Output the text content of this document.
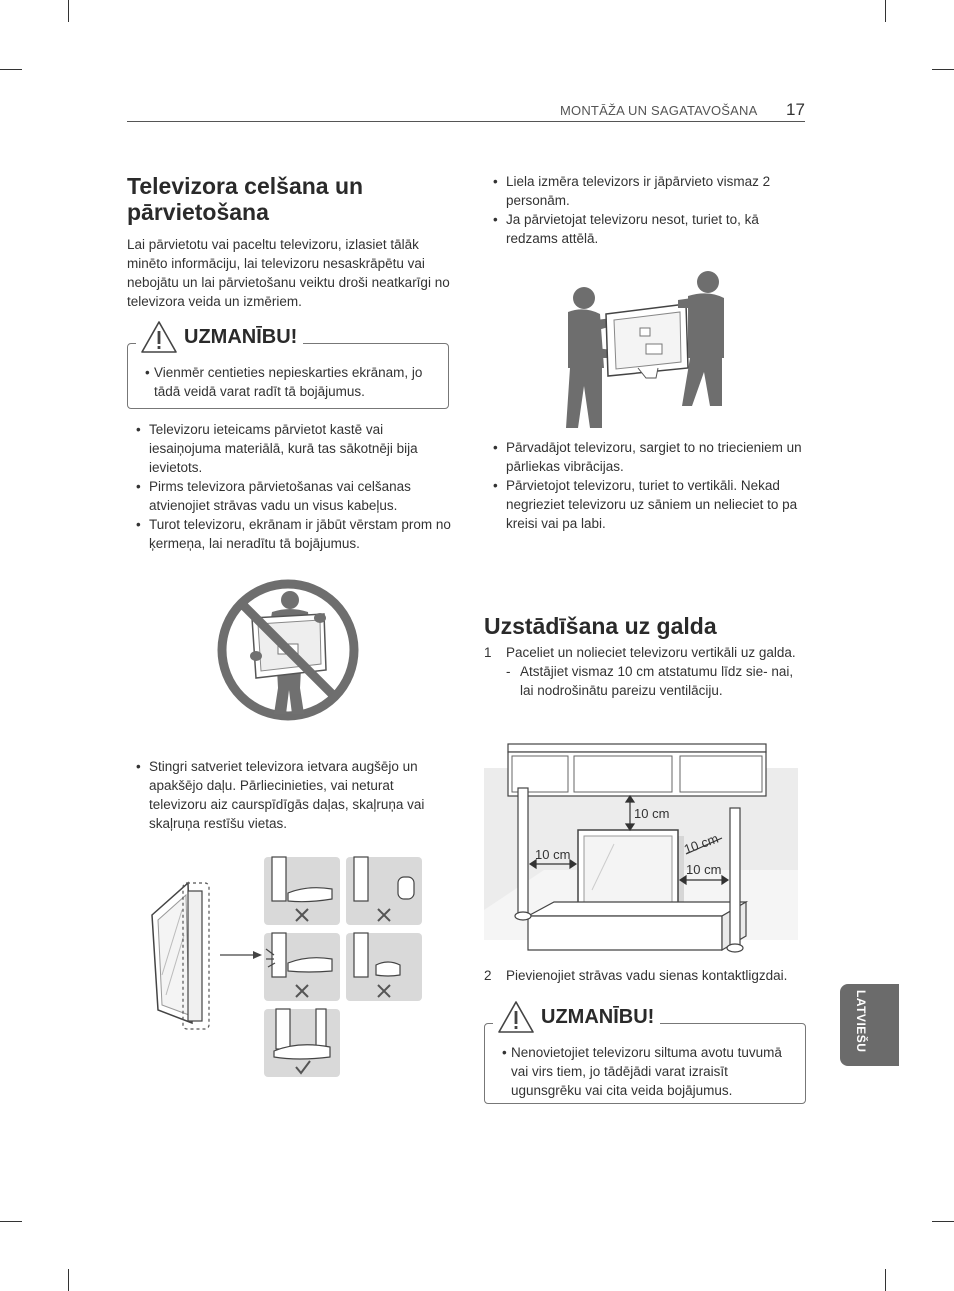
MONTĀŽA UN SAGATAVOŠANA 17
Televizora celšana un pārvietošana

Lai pārvietotu vai paceltu televizoru, izlasiet tālāk minēto informāciju, lai televizoru nesaskrāpētu vai nebojātu un lai pārvietošanu veiktu droši neatkarīgi no televizora veida un izmēriem.

UZMANĪBU!
• Vienmēr centieties nepieskarties ekrānam, jo tādā veidā varat radīt tā bojājumus.
• Televizoru ieteicams pārvietot kastē vai iesaiņojuma materiālā, kurā tas sākotnēji bija ievietots.
• Pirms televizora pārvietošanas vai celšanas atvienojiet strāvas vadu un visus kabeļus.
• Turot televizoru, ekrānam ir jābūt vērstam prom no ķermeņa, lai neradītu tā bojājumus.
• Stingri satveriet televizora ietvara augšējo un apakšējo daļu. Pārliecinieties, vai neturat televizoru aiz caurspīdīgās daļas, skaļruņa vai skaļruņa restīšu vietas.
• Liela izmēra televizors ir jāpārvieto vismaz 2 personām.
• Ja pārvietojat televizoru nesot, turiet to, kā redzams attēlā.
• Pārvadājot televizoru, sargiet to no triecieniem un pārliekas vibrācijas.
• Pārvietojot televizoru, turiet to vertikāli. Nekad negrieziet televizoru uz sāniem un nelieciet to pa kreisi vai pa labi.
Uzstādīšana uz galda
1 Paceliet un nolieciet televizoru vertikāli uz galda.
- Atstājiet vismaz 10 cm atstatumu līdz sie- nai, lai nodrošinātu pareizu ventilāciju.
10 cm
10 cm	10 cm
10 cm
2 Pievienojiet strāvas vadu sienas kontaktligzdai.
UZMANĪBU!
• Nenovietojiet televizoru siltuma avotu tuvumā vai virs tiem, jo tādējādi varat izraisīt ugunsgrēku vai cita veida bojājumus.
LATVIEŠU
